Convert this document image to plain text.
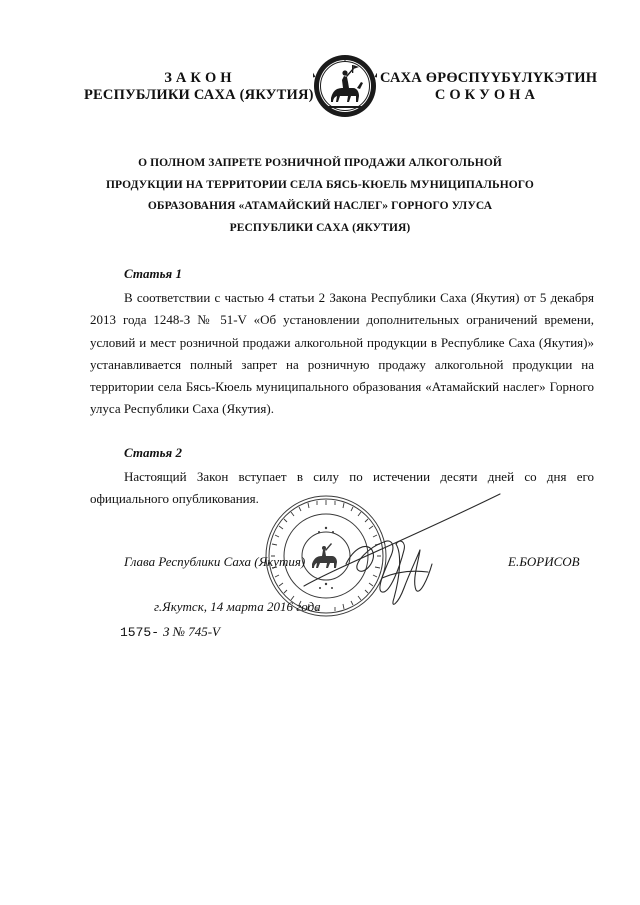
З А К О Н
РЕСПУБЛИКИ САХА (ЯКУТИЯ)
САХА ӨРӨСПҮҮБҮЛҮКЭТИН
С О К У О Н А
О ПОЛНОМ ЗАПРЕТЕ РОЗНИЧНОЙ ПРОДАЖИ АЛКОГОЛЬНОЙ
ПРОДУКЦИИ НА ТЕРРИТОРИИ СЕЛА БЯСЬ-КЮЕЛЬ МУНИЦИПАЛЬНОГО
ОБРАЗОВАНИЯ «АТАМАЙСКИЙ НАСЛЕГ» ГОРНОГО УЛУСА
РЕСПУБЛИКИ САХА (ЯКУТИЯ)
Статья 1

В соответствии с частью 4 статьи 2 Закона Республики Саха (Якутия) от 5 декабря 2013 года 1248-З № 51-V «Об установлении дополнительных ограничений времени, условий и мест розничной продажи алкогольной продукции в Республике Саха (Якутия)» устанавливается полный запрет на розничную продажу алкогольной продукции на территории села Бясь-Кюель муниципального образования «Атамайский наслег» Горного улуса Республики Саха (Якутия).

Статья 2

Настоящий Закон вступает в силу по истечении десяти дней со дня его официального опубликования.

Глава Республики Саха (Якутия)	Е.БОРИСОВ
г.Якутск, 14 марта 2016 года
1575- З № 745-V
